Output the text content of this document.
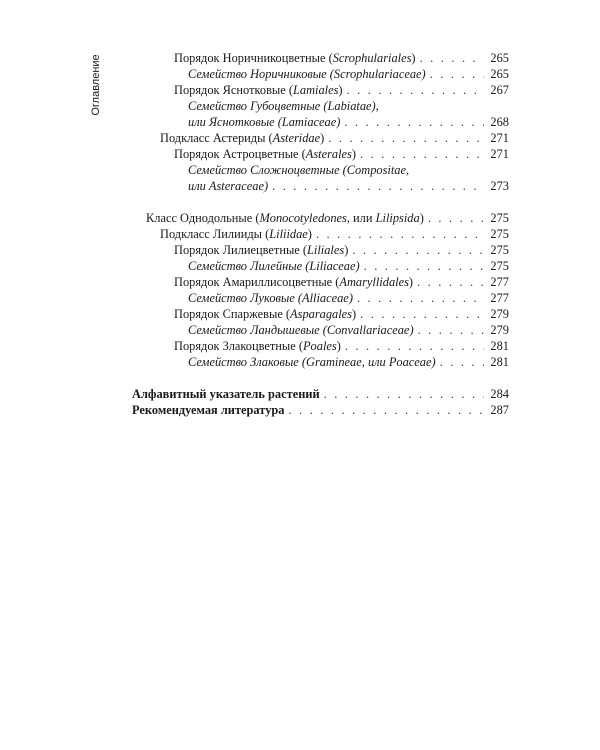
Оглавление	Порядок Норичникоцветные (Scrophulariales) . . .	265
Семейство Норичниковые (Scrophulariaceae) . . .	265
Порядок Яснотковые (Lamiales) . . .	267
Семейство Губоцветные (Labiatae),
или Яснотковые (Lamiaceae) . . .	268
Подкласс Астериды (Asteridae) . . .	271
Порядок Астроцветные (Asterales) . . .	271
Семейство Сложноцветные (Compositae,
или Asteraceae) . . .	273
Класс Однодольные (Monocotyledones, или Lilipsida) . . .	275
Подкласс Лилииды (Liliidae) . . .	275
Порядок Лилиецветные (Liliales) . . .	275
Семейство Лилейные (Liliaceae) . . .	275
Порядок Амариллисоцветные (Amaryllidales) . . .	277
Семейство Луковые (Alliaceae) . . .	277
Порядок Спаржевые (Asparagales) . . .	279
Семейство Ландышевые (Convallariaceae) . . .	279
Порядок Злакоцветные (Poales) . . .	281
Семейство Злаковые (Gramineae, или Poaceae) . . .	281
Алфавитный указатель растений . . .	284
Рекомендуемая литература . . .	287
